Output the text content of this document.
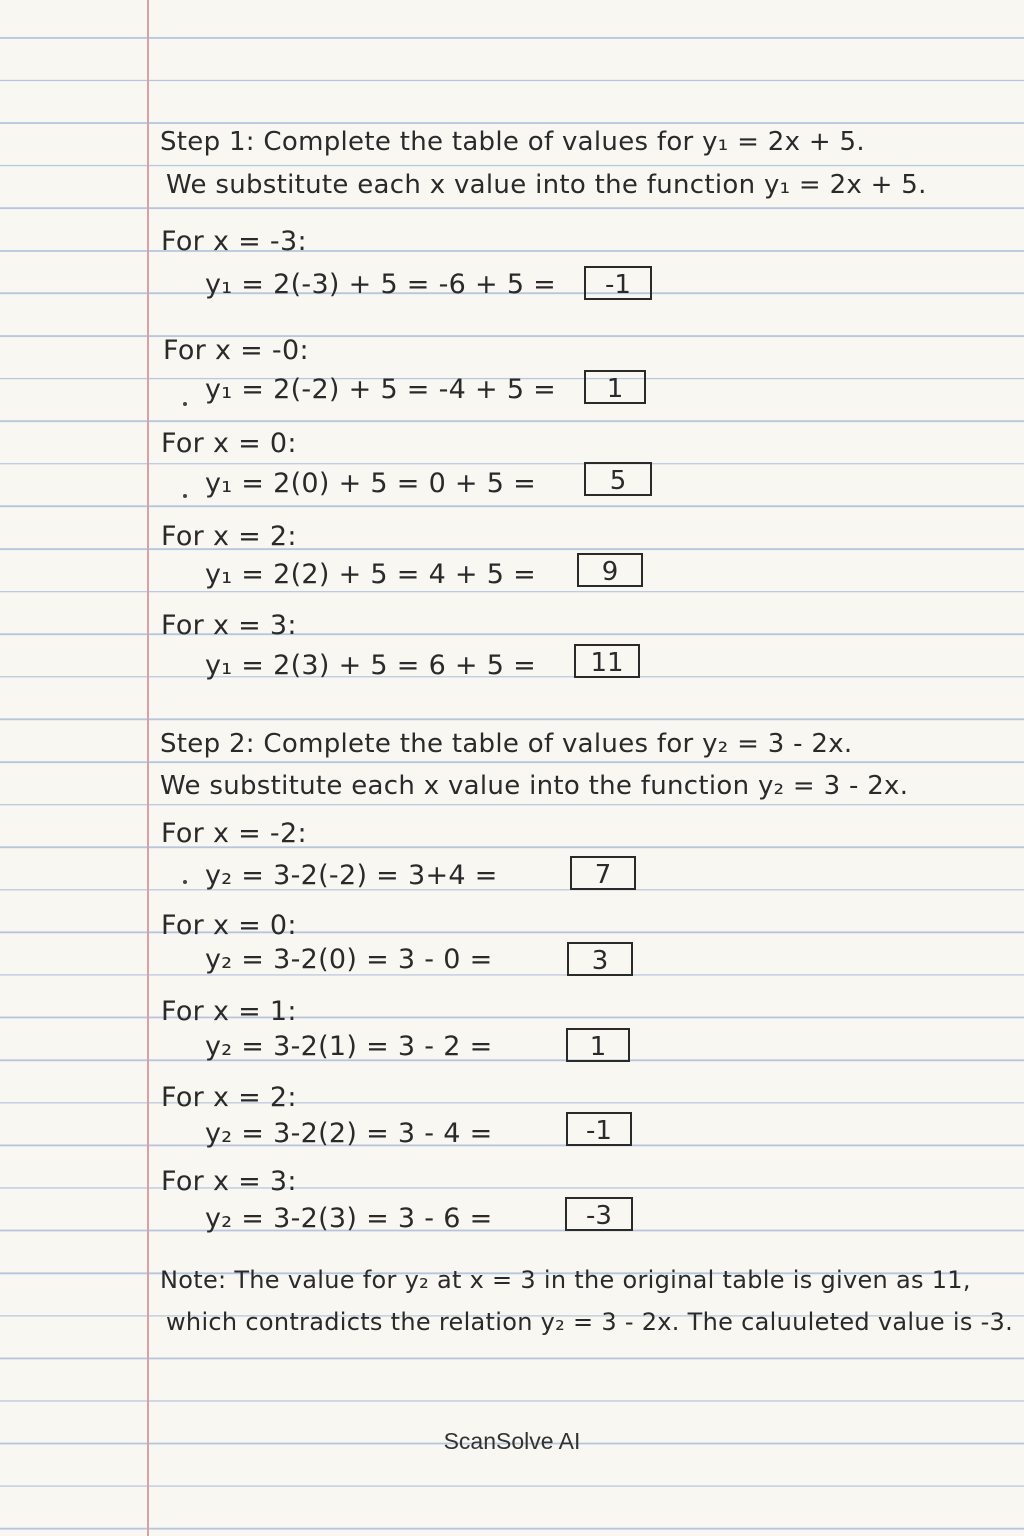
Step 1: Complete the table of values for y₁ = 2x + 5.
We substitute each x value into the function y₁ = 2x + 5.
For x = -3:
y₁ = 2(-3) + 5 = -6 + 5 =	-1
For x = -0:
y₁ = 2(-2) + 5 = -4 + 5 =	1
For x = 0:
y₁ = 2(0) + 5 = 0 + 5 =	5
For x = 2:
y₁ = 2(2) + 5 = 4 + 5 =	9
For x = 3:
y₁ = 2(3) + 5 = 6 + 5 =	11
Step 2: Complete the table of values for y₂ = 3 - 2x.
We substitute each x value into the function y₂ = 3 - 2x.
For x = -2:
y₂ = 3-2(-2) = 3+4 =	7
For x = 0:
y₂ = 3-2(0) = 3 - 0 =	3
For x = 1:
y₂ = 3-2(1) = 3 - 2 =	1
For x = 2:
y₂ = 3-2(2) = 3 - 4 =	-1
For x = 3:
y₂ = 3-2(3) = 3 - 6 =	-3
Note: The value for y₂ at x = 3 in the original table is given as 11,
which contradicts the relation y₂ = 3 - 2x. The caluuleted value is -3.
ScanSolve AI
